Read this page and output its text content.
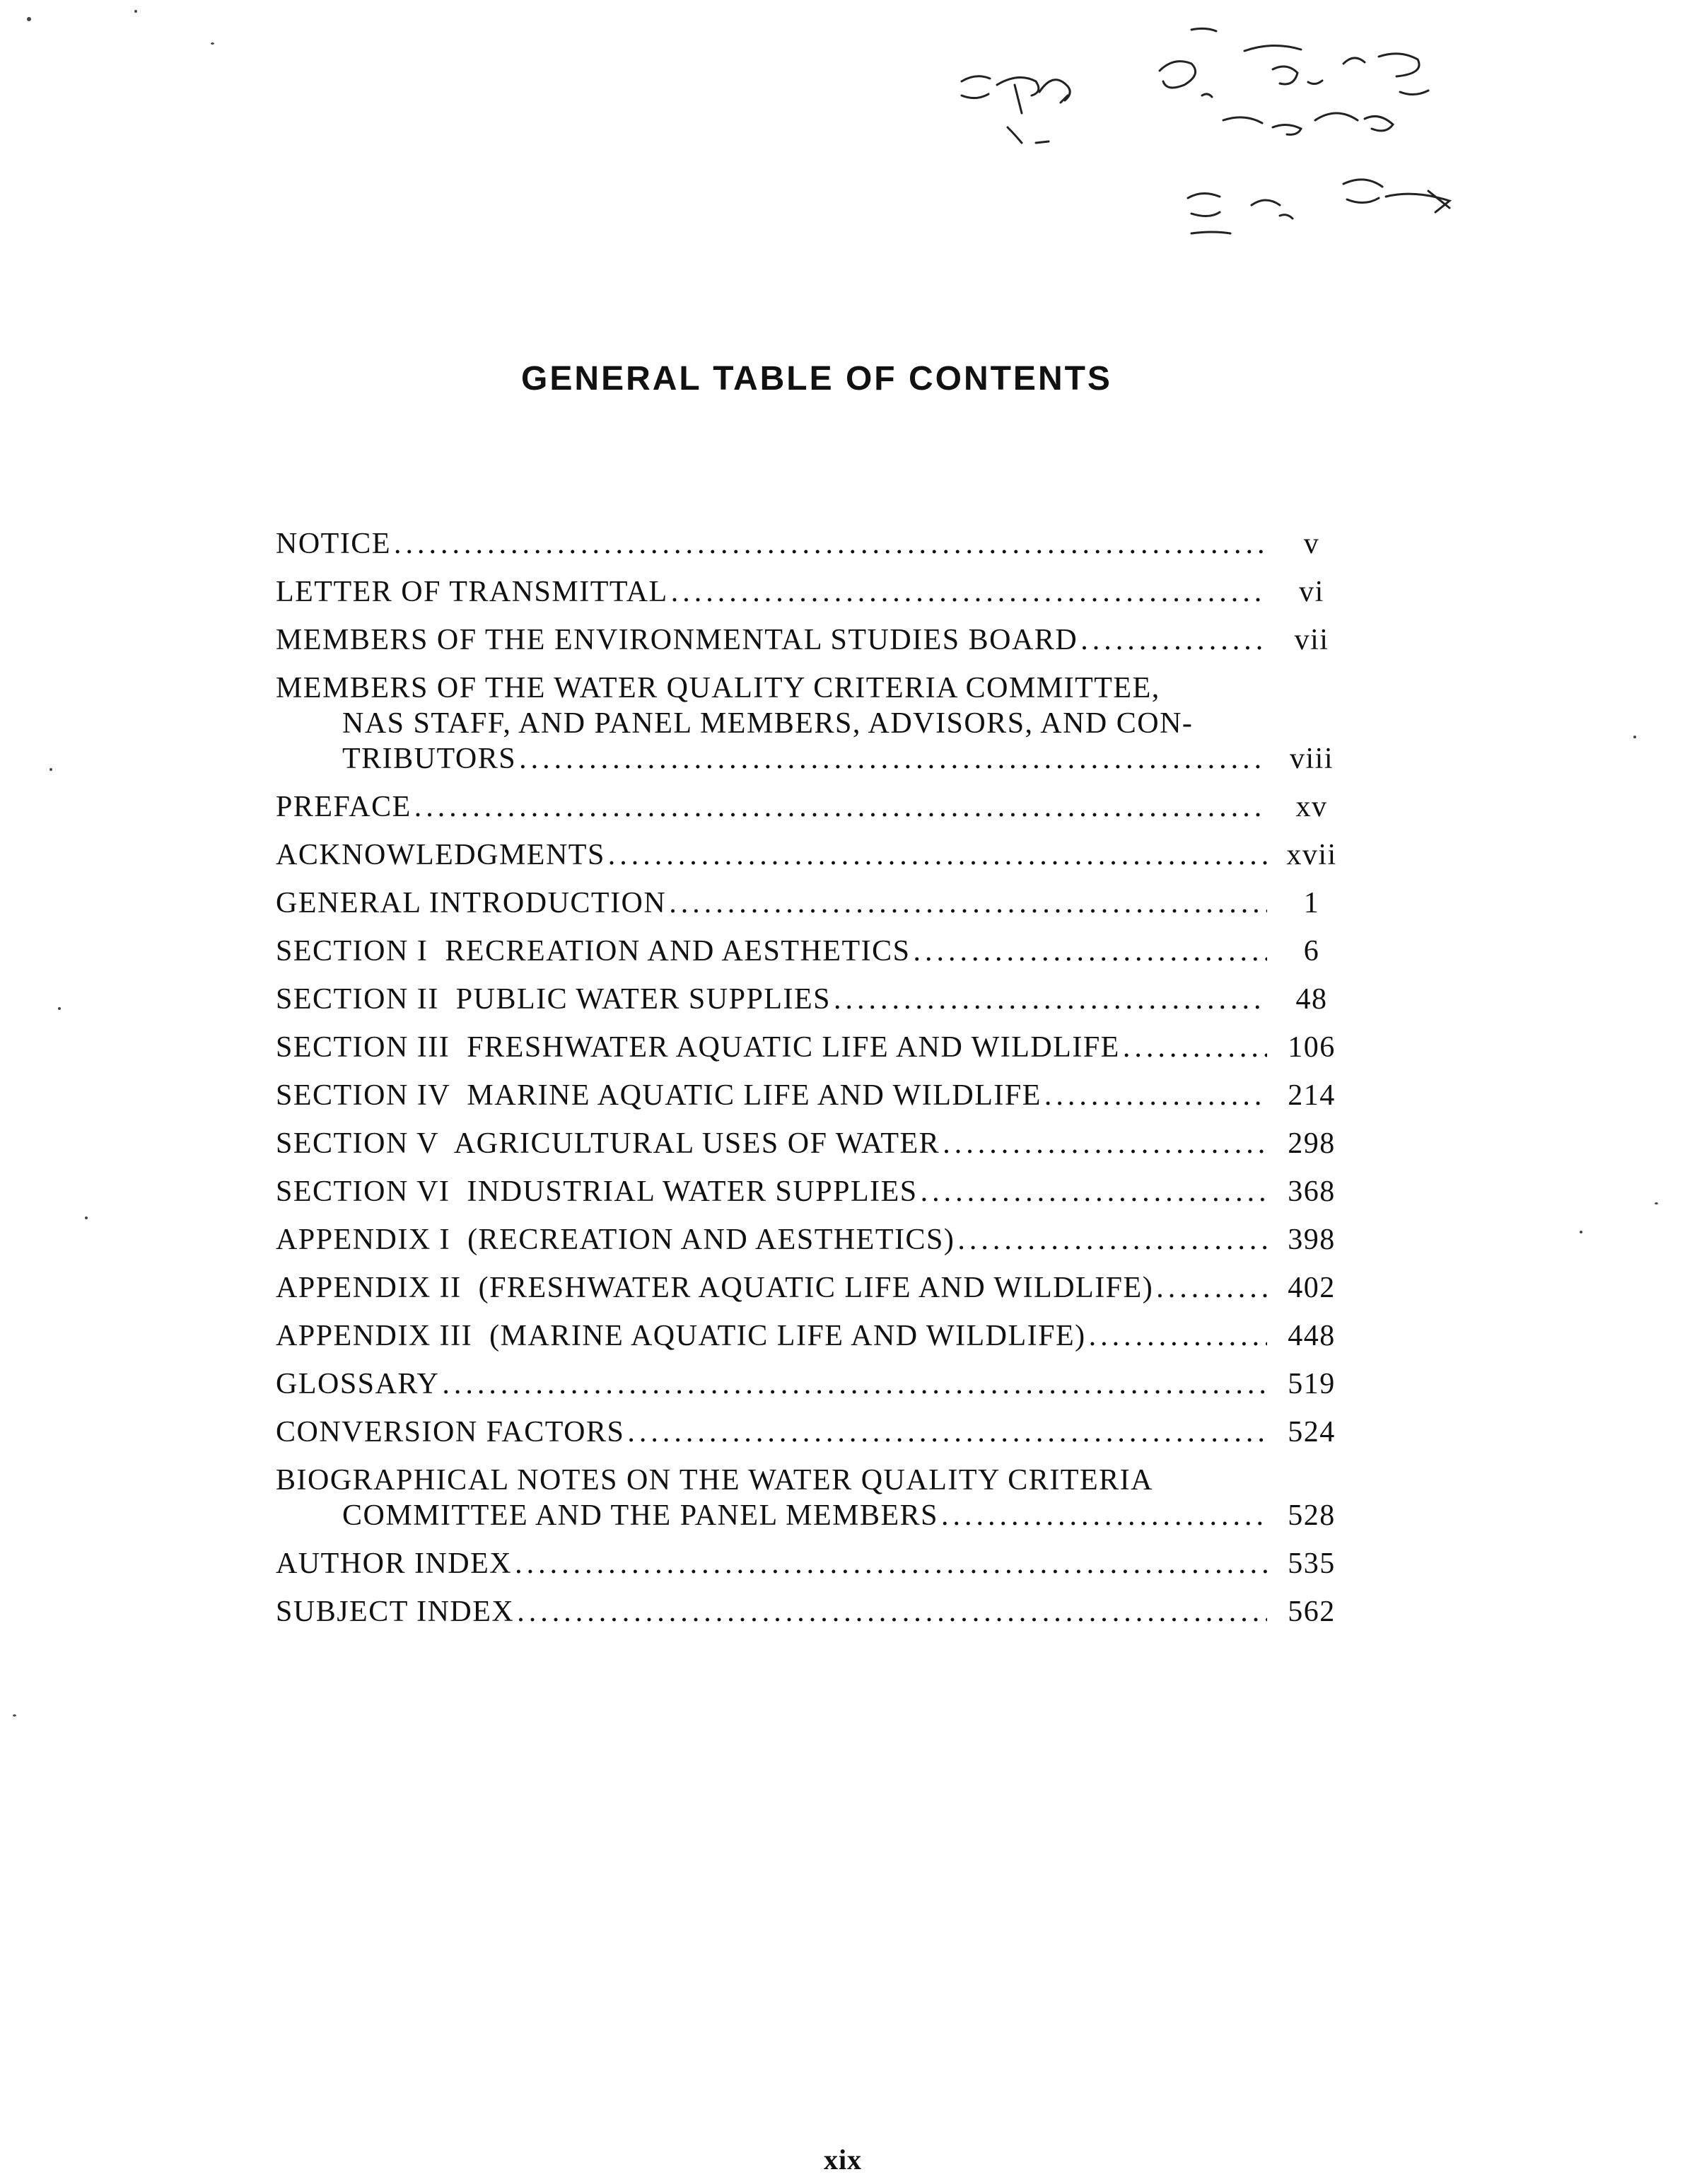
GENERAL TABLE OF CONTENTS
NOTICE .....	v
LETTER OF TRANSMITTAL .....	vi
MEMBERS OF THE ENVIRONMENTAL STUDIES BOARD .....	vii
MEMBERS OF THE WATER QUALITY CRITERIA COMMITTEE,
NAS STAFF, AND PANEL MEMBERS, ADVISORS, AND CON-
TRIBUTORS .....	viii
PREFACE .....	xv
ACKNOWLEDGMENTS .....	xvii
GENERAL INTRODUCTION .....	1
SECTION I  RECREATION AND AESTHETICS .....	6
SECTION II  PUBLIC WATER SUPPLIES .....	48
SECTION III  FRESHWATER AQUATIC LIFE AND WILDLIFE .....	106
SECTION IV  MARINE AQUATIC LIFE AND WILDLIFE .....	214
SECTION V  AGRICULTURAL USES OF WATER .....	298
SECTION VI  INDUSTRIAL WATER SUPPLIES .....	368
APPENDIX I  (RECREATION AND AESTHETICS) .....	398
APPENDIX II  (FRESHWATER AQUATIC LIFE AND WILDLIFE) .....	402
APPENDIX III  (MARINE AQUATIC LIFE AND WILDLIFE) .....	448
GLOSSARY .....	519
CONVERSION FACTORS .....	524
BIOGRAPHICAL NOTES ON THE WATER QUALITY CRITERIA
COMMITTEE AND THE PANEL MEMBERS .....	528
AUTHOR INDEX .....	535
SUBJECT INDEX .....	562

xix
